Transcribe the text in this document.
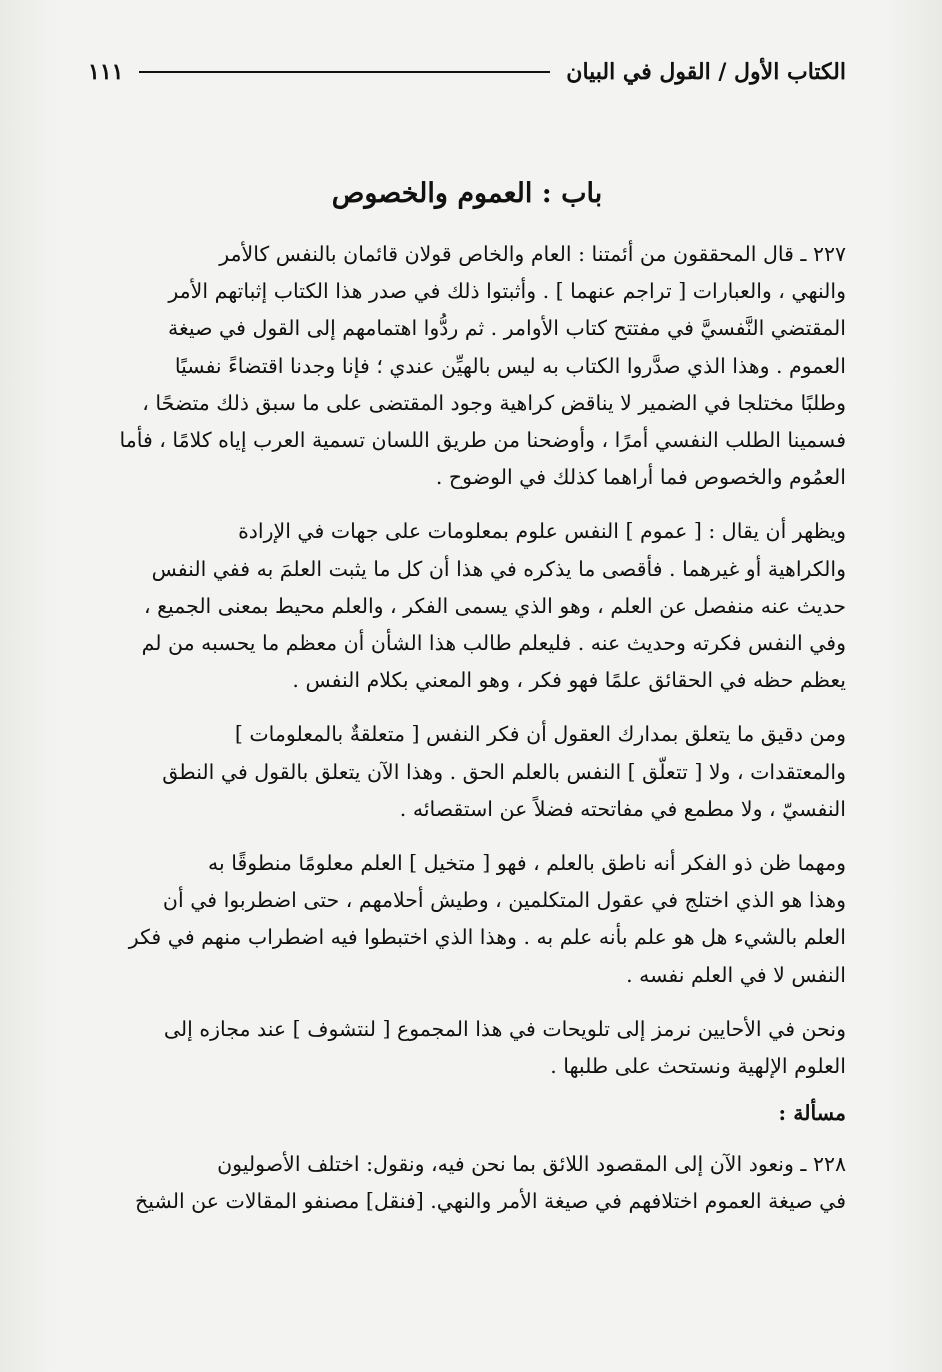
الكتاب الأول / القول في البيان
١١١
باب : العموم والخصوص

٢٢٧ ـ قال المحققون من أئمتنا : العام والخاص قولان قائمان بالنفس كالأمر
والنهي ، والعبارات [ تراجم عنهما ] . وأثبتوا ذلك في صدر هذا الكتاب إثباتهم الأمر
المقتضي النَّفسيَّ في مفتتح كتاب الأوامر . ثم ردُّوا اهتمامهم إلى القول في صيغة
العموم . وهذا الذي صدَّروا الكتاب به ليس بالهيِّن عندي ؛ فإنا وجدنا اقتضاءً نفسيًا
وطلبًا مختلجا في الضمير لا يناقض كراهية وجود المقتضى على ما سبق ذلك متضحًا ،
فسمينا الطلب النفسي أمرًا ، وأوضحنا من طريق اللسان تسمية العرب إياه كلامًا ، فأما
العمُوم والخصوص فما أراهما كذلك في الوضوح .

ويظهر أن يقال : [ عموم ] النفس علوم بمعلومات على جهات في الإرادة
والكراهية أو غيرهما . فأقصى ما يذكره في هذا أن كل ما يثبت العلمَ به ففي النفس
حديث عنه منفصل عن العلم ، وهو الذي يسمى الفكر ، والعلم محيط بمعنى الجميع ،
وفي النفس فكرته وحديث عنه . فليعلم طالب هذا الشأن أن معظم ما يحسبه من لم
يعظم حظه في الحقائق علمًا فهو فكر ، وهو المعني بكلام النفس .

ومن دقيق ما يتعلق بمدارك العقول أن فكر النفس [ متعلقةٌ بالمعلومات ]
والمعتقدات ، ولا [ تتعلّق ] النفس بالعلم الحق . وهذا الآن يتعلق بالقول في النطق
النفسيّ ، ولا مطمع في مفاتحته فضلاً عن استقصائه .

ومهما ظن ذو الفكر أنه ناطق بالعلم ، فهو [ متخيل ] العلم معلومًا منطوقًا به
وهذا هو الذي اختلج في عقول المتكلمين ، وطيش أحلامهم ، حتى اضطربوا في أن
العلم بالشيء هل هو علم بأنه علم به . وهذا الذي اختبطوا فيه اضطراب منهم في فكر
النفس لا في العلم نفسه .

ونحن في الأحايين نرمز إلى تلويحات في هذا المجموع [ لنتشوف ] عند مجازه إلى
العلوم الإلهية ونستحث على طلبها .

مسألة :

٢٢٨ ـ ونعود الآن إلى المقصود اللائق بما نحن فيه، ونقول: اختلف الأصوليون
في صيغة العموم اختلافهم في صيغة الأمر والنهي. [فنقل] مصنفو المقالات عن الشيخ
